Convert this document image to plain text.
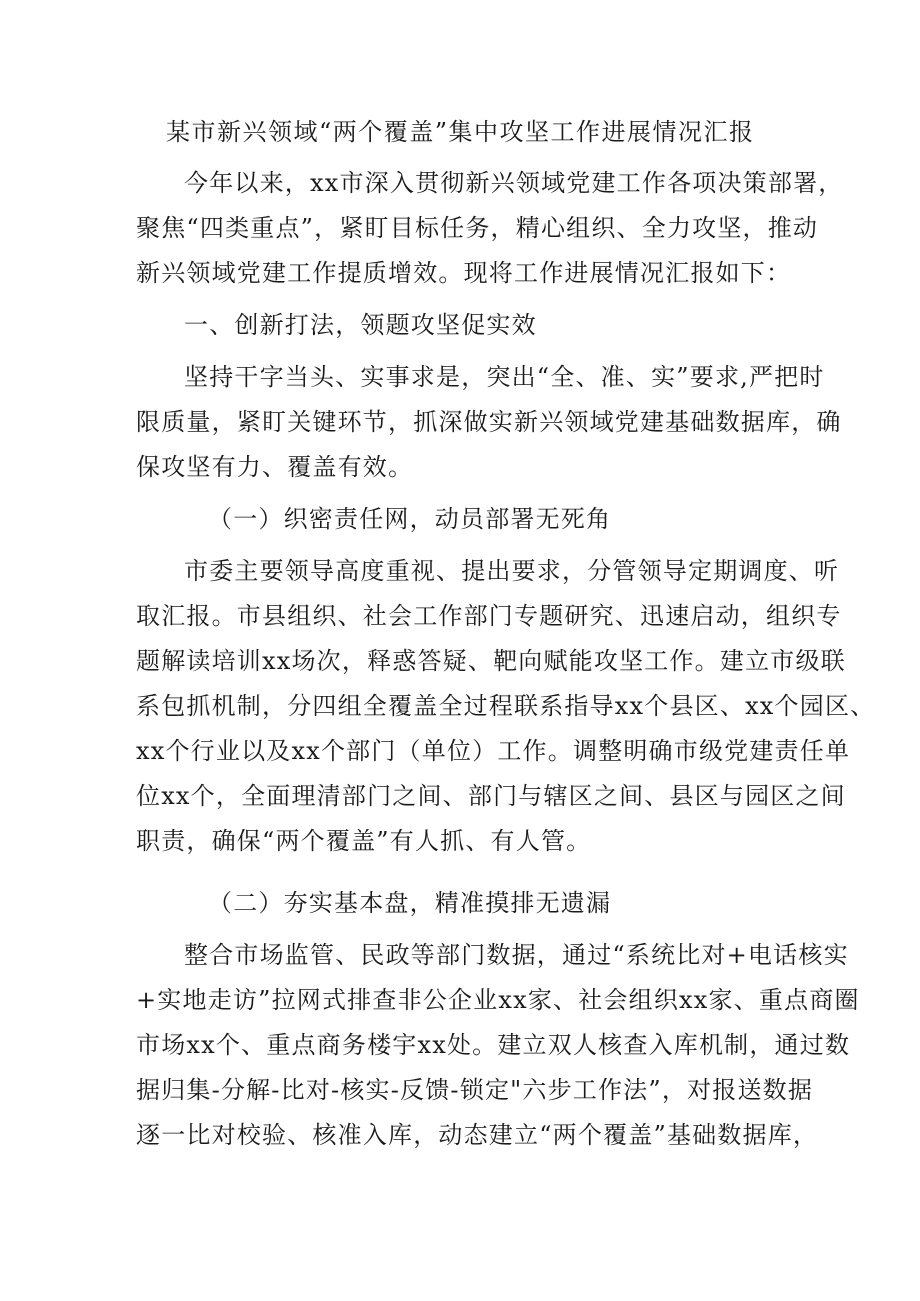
某市新兴领域“两个覆盖”集中攻坚工作进展情况汇报
今年以来，xx市深入贯彻新兴领域党建工作各项决策部署，
聚焦“四类重点”，紧盯目标任务，精心组织、全力攻坚，推动
新兴领域党建工作提质增效。现将工作进展情况汇报如下：
一、创新打法，领题攻坚促实效
坚持干字当头、实事求是，突出“全、准、实”要求,严把时
限质量，紧盯关键环节，抓深做实新兴领域党建基础数据库，确
保攻坚有力、覆盖有效。
（一）织密责任网，动员部署无死角
市委主要领导高度重视、提出要求，分管领导定期调度、听
取汇报。市县组织、社会工作部门专题研究、迅速启动，组织专
题解读培训xx场次，释惑答疑、靶向赋能攻坚工作。建立市级联
系包抓机制，分四组全覆盖全过程联系指导xx个县区、xx个园区、
xx个行业以及xx个部门（单位）工作。调整明确市级党建责任单
位xx个，全面理清部门之间、部门与辖区之间、县区与园区之间
职责，确保“两个覆盖”有人抓、有人管。
（二）夯实基本盘，精准摸排无遗漏
整合市场监管、民政等部门数据，通过“系统比对+电话核实
+实地走访”拉网式排查非公企业xx家、社会组织xx家、重点商圈
市场xx个、重点商务楼宇xx处。建立双人核查入库机制，通过数
据归集-分解-比对-核实-反馈-锁定"六步工作法”，对报送数据
逐一比对校验、核准入库，动态建立“两个覆盖”基础数据库，
